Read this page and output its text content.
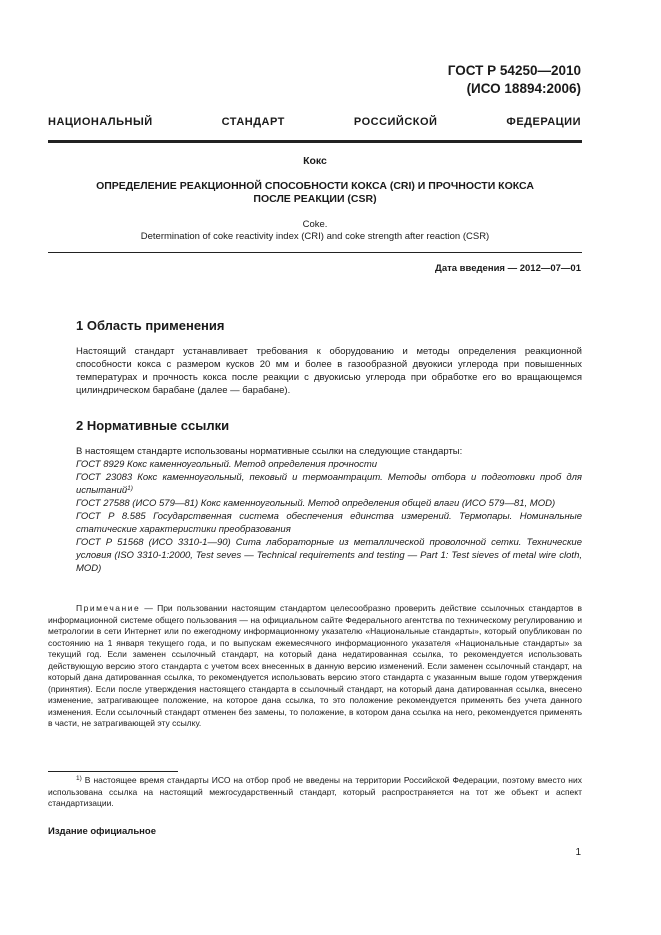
ГОСТ Р 54250—2010
(ИСО 18894:2006)
НАЦИОНАЛЬНЫЙ СТАНДАРТ РОССИЙСКОЙ ФЕДЕРАЦИИ
Кокс
ОПРЕДЕЛЕНИЕ РЕАКЦИОННОЙ СПОСОБНОСТИ КОКСА (CRI) И ПРОЧНОСТИ КОКСА
ПОСЛЕ РЕАКЦИИ (CSR)
Coke.
Determination of coke reactivity index (CRI) and coke strength after reaction (CSR)
Дата введения — 2012—07—01
1 Область применения
Настоящий стандарт устанавливает требования к оборудованию и методы определения реакционной способности кокса с размером кусков 20 мм и более в газообразной двуокиси углерода при повышенных температурах и прочность кокса после реакции с двуокисью углерода при обработке его во вращающемся цилиндрическом барабане (далее — барабане).
2 Нормативные ссылки

В настоящем стандарте использованы нормативные ссылки на следующие стандарты:

ГОСТ 8929 Кокс каменноугольный. Метод определения прочности

ГОСТ 23083 Кокс каменноугольный, пековый и термоантрацит. Методы отбора и подготовки проб для испытаний$^{1)}$

ГОСТ 27588 (ИСО 579—81) Кокс каменноугольный. Метод определения общей влаги (ИСО 579—81, MOD)

ГОСТ Р 8.585 Государственная система обеспечения единства измерений. Термопары. Номинальные статические характеристики преобразования

ГОСТ Р 51568 (ИСО 3310-1—90) Сита лабораторные из металлической проволочной сетки. Технические условия (ISO 3310-1:2000, Test seves — Technical requirements and testing — Part 1: Test sieves of metal wire cloth, MOD)

Примечание — При пользовании настоящим стандартом целесообразно проверить действие ссылочных стандартов в информационной системе общего пользования — на официальном сайте Федерального агентства по техническому регулированию и метрологии в сети Интернет или по ежегодному информационному указателю «Национальные стандарты», который опубликован по состоянию на 1 января текущего года, и по выпускам ежемесячного информационного указателя «Национальные стандарты» за текущий год. Если заменен ссылочный стандарт, на который дана недатированная ссылка, то рекомендуется использовать действующую версию этого стандарта с учетом всех внесенных в данную версию изменений. Если заменен ссылочный стандарт, на который дана датированная ссылка, то рекомендуется использовать версию этого стандарта с указанным выше годом утверждения (принятия). Если после утверждения настоящего стандарта в ссылочный стандарт, на который дана датированная ссылка, внесено изменение, затрагивающее положение, на которое дана ссылка, то это положение рекомендуется применять без учета данного изменения. Если ссылочный стандарт отменен без замены, то положение, в котором дана ссылка на него, рекомендуется применять в части, не затрагивающей эту ссылку.
$^{1)}$ В настоящее время стандарты ИСО на отбор проб не введены на территории Российской Федерации, поэтому вместо них использована ссылка на настоящий межгосударственный стандарт, который распространяется на тот же объект и аспект стандартизации.
Издание официальное
1
